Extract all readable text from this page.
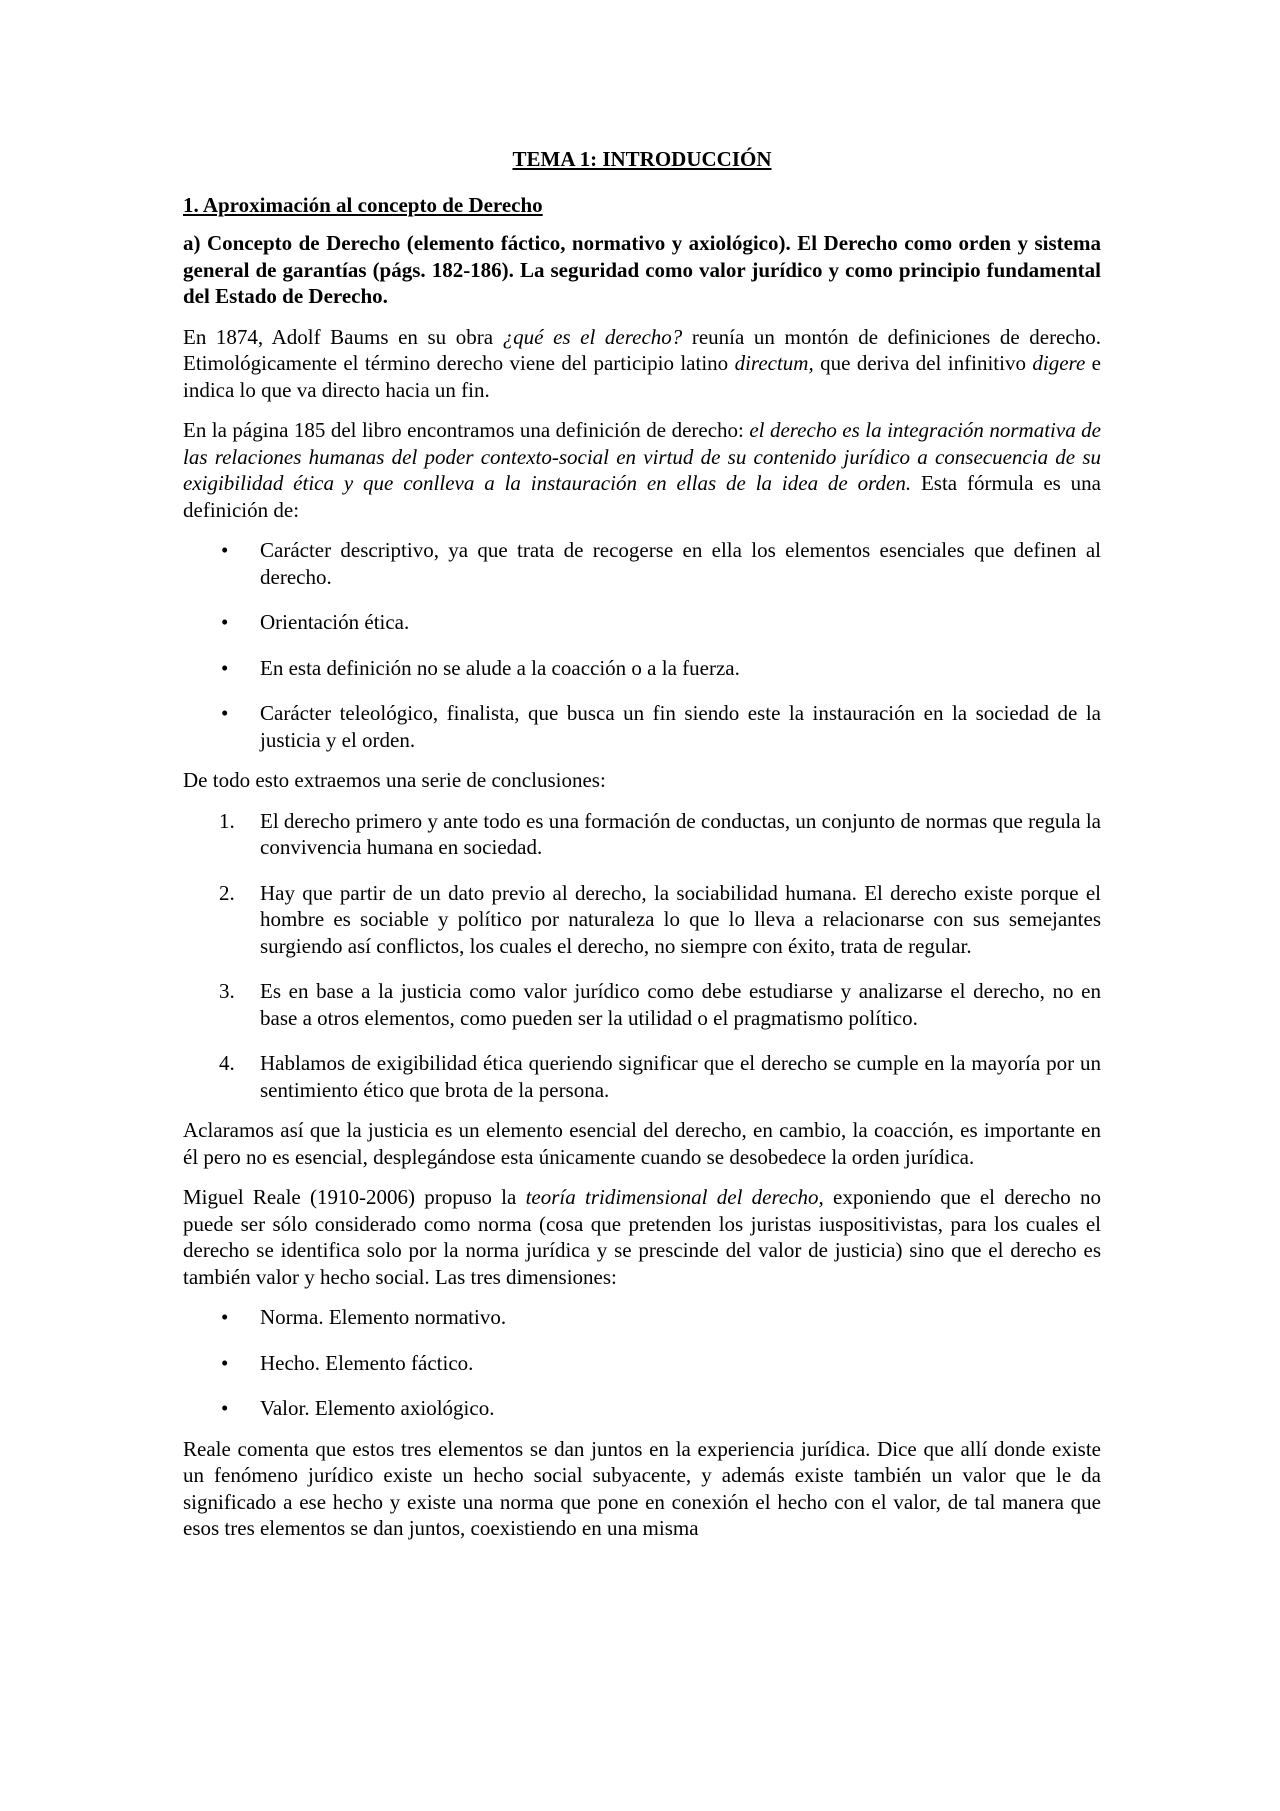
TEMA 1: INTRODUCCIÓN
1. Aproximación al concepto de Derecho
a) Concepto de Derecho (elemento fáctico, normativo y axiológico). El Derecho como orden y sistema general de garantías (págs. 182-186). La seguridad como valor jurídico y como principio fundamental del Estado de Derecho.

En 1874, Adolf Baums en su obra ¿qué es el derecho? reunía un montón de definiciones de derecho. Etimológicamente el término derecho viene del participio latino directum, que deriva del infinitivo digere e indica lo que va directo hacia un fin.

En la página 185 del libro encontramos una definición de derecho: el derecho es la integración normativa de las relaciones humanas del poder contexto-social en virtud de su contenido jurídico a consecuencia de su exigibilidad ética y que conlleva a la instauración en ellas de la idea de orden. Esta fórmula es una definición de:

• Carácter descriptivo, ya que trata de recogerse en ella los elementos esenciales que definen al derecho.
• Orientación ética.
• En esta definición no se alude a la coacción o a la fuerza.
• Carácter teleológico, finalista, que busca un fin siendo este la instauración en la sociedad de la justicia y el orden.

De todo esto extraemos una serie de conclusiones:

1. El derecho primero y ante todo es una formación de conductas, un conjunto de normas que regula la convivencia humana en sociedad.
2. Hay que partir de un dato previo al derecho, la sociabilidad humana. El derecho existe porque el hombre es sociable y político por naturaleza lo que lo lleva a relacionarse con sus semejantes surgiendo así conflictos, los cuales el derecho, no siempre con éxito, trata de regular.
3. Es en base a la justicia como valor jurídico como debe estudiarse y analizarse el derecho, no en base a otros elementos, como pueden ser la utilidad o el pragmatismo político.
4. Hablamos de exigibilidad ética queriendo significar que el derecho se cumple en la mayoría por un sentimiento ético que brota de la persona.

Aclaramos así que la justicia es un elemento esencial del derecho, en cambio, la coacción, es importante en él pero no es esencial, desplegándose esta únicamente cuando se desobedece la orden jurídica.

Miguel Reale (1910-2006) propuso la teoría tridimensional del derecho, exponiendo que el derecho no puede ser sólo considerado como norma (cosa que pretenden los juristas iuspositivistas, para los cuales el derecho se identifica solo por la norma jurídica y se prescinde del valor de justicia) sino que el derecho es también valor y hecho social. Las tres dimensiones:

• Norma. Elemento normativo.
• Hecho. Elemento fáctico.
• Valor. Elemento axiológico.

Reale comenta que estos tres elementos se dan juntos en la experiencia jurídica. Dice que allí donde existe un fenómeno jurídico existe un hecho social subyacente, y además existe también un valor que le da significado a ese hecho y existe una norma que pone en conexión el hecho con el valor, de tal manera que esos tres elementos se dan juntos, coexistiendo en una misma
